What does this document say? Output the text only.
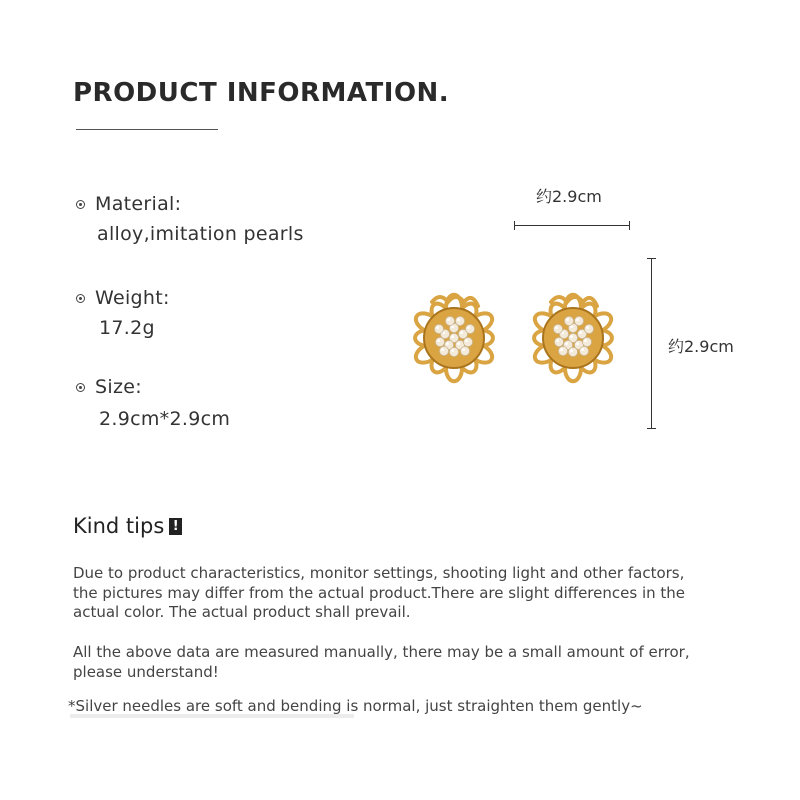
PRODUCT INFORMATION.
Material:
alloy,imitation pearls
Weight:
17.2g
Size:
2.9cm*2.9cm
约2.9cm
约2.9cm
Kind tips !

Due to product characteristics, monitor settings, shooting light and other factors, the pictures may differ from the actual product.There are slight differences in the actual color. The actual product shall prevail.

All the above data are measured manually, there may be a small amount of error, please understand!

*Silver needles are soft and bending is normal, just straighten them gently~
